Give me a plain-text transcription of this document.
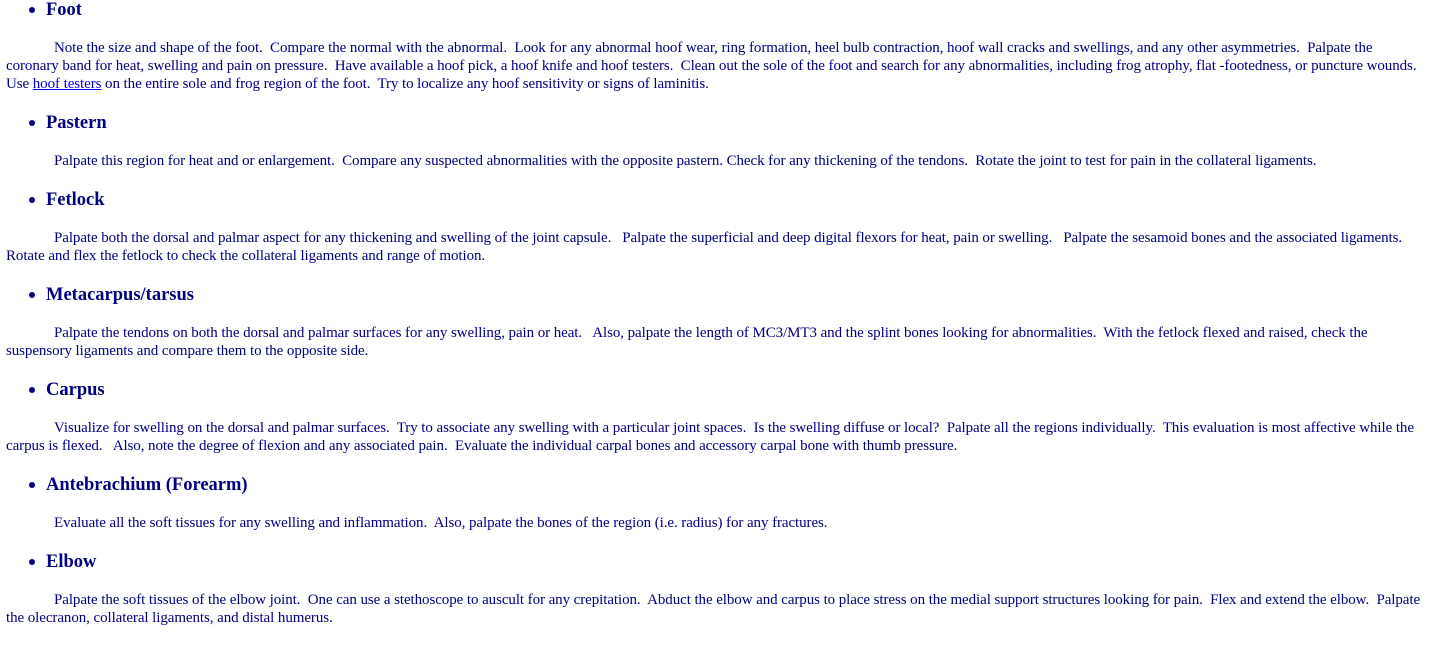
Foot

Note the size and shape of the foot.  Compare the normal with the abnormal.  Look for any abnormal hoof wear, ring formation, heel bulb contraction, hoof wall cracks and swellings, and any other asymmetries.  Palpate the coronary band for heat, swelling and pain on pressure.  Have available a hoof pick, a hoof knife and hoof testers.  Clean out the sole of the foot and search for any abnormalities, including frog atrophy, flat -footedness, or puncture wounds.  Use hoof testers on the entire sole and frog region of the foot.  Try to localize any hoof sensitivity or signs of laminitis.

Pastern

Palpate this region for heat and or enlargement.  Compare any suspected abnormalities with the opposite pastern. Check for any thickening of the tendons.  Rotate the joint to test for pain in the collateral ligaments.

Fetlock

Palpate both the dorsal and palmar aspect for any thickening and swelling of the joint capsule.   Palpate the superficial and deep digital flexors for heat, pain or swelling.   Palpate the sesamoid bones and the associated ligaments.  Rotate and flex the fetlock to check the collateral ligaments and range of motion.

Metacarpus/tarsus

Palpate the tendons on both the dorsal and palmar surfaces for any swelling, pain or heat.   Also, palpate the length of MC3/MT3 and the splint bones looking for abnormalities.  With the fetlock flexed and raised, check the suspensory ligaments and compare them to the opposite side.

Carpus

Visualize for swelling on the dorsal and palmar surfaces.  Try to associate any swelling with a particular joint spaces.  Is the swelling diffuse or local?  Palpate all the regions individually.  This evaluation is most affective while the carpus is flexed.   Also, note the degree of flexion and any associated pain.  Evaluate the individual carpal bones and accessory carpal bone with thumb pressure.

Antebrachium (Forearm)

Evaluate all the soft tissues for any swelling and inflammation.  Also, palpate the bones of the region (i.e. radius) for any fractures.

Elbow

Palpate the soft tissues of the elbow joint.  One can use a stethoscope to auscult for any crepitation.  Abduct the elbow and carpus to place stress on the medial support structures looking for pain.  Flex and extend the elbow.  Palpate the olecranon, collateral ligaments, and distal humerus.
